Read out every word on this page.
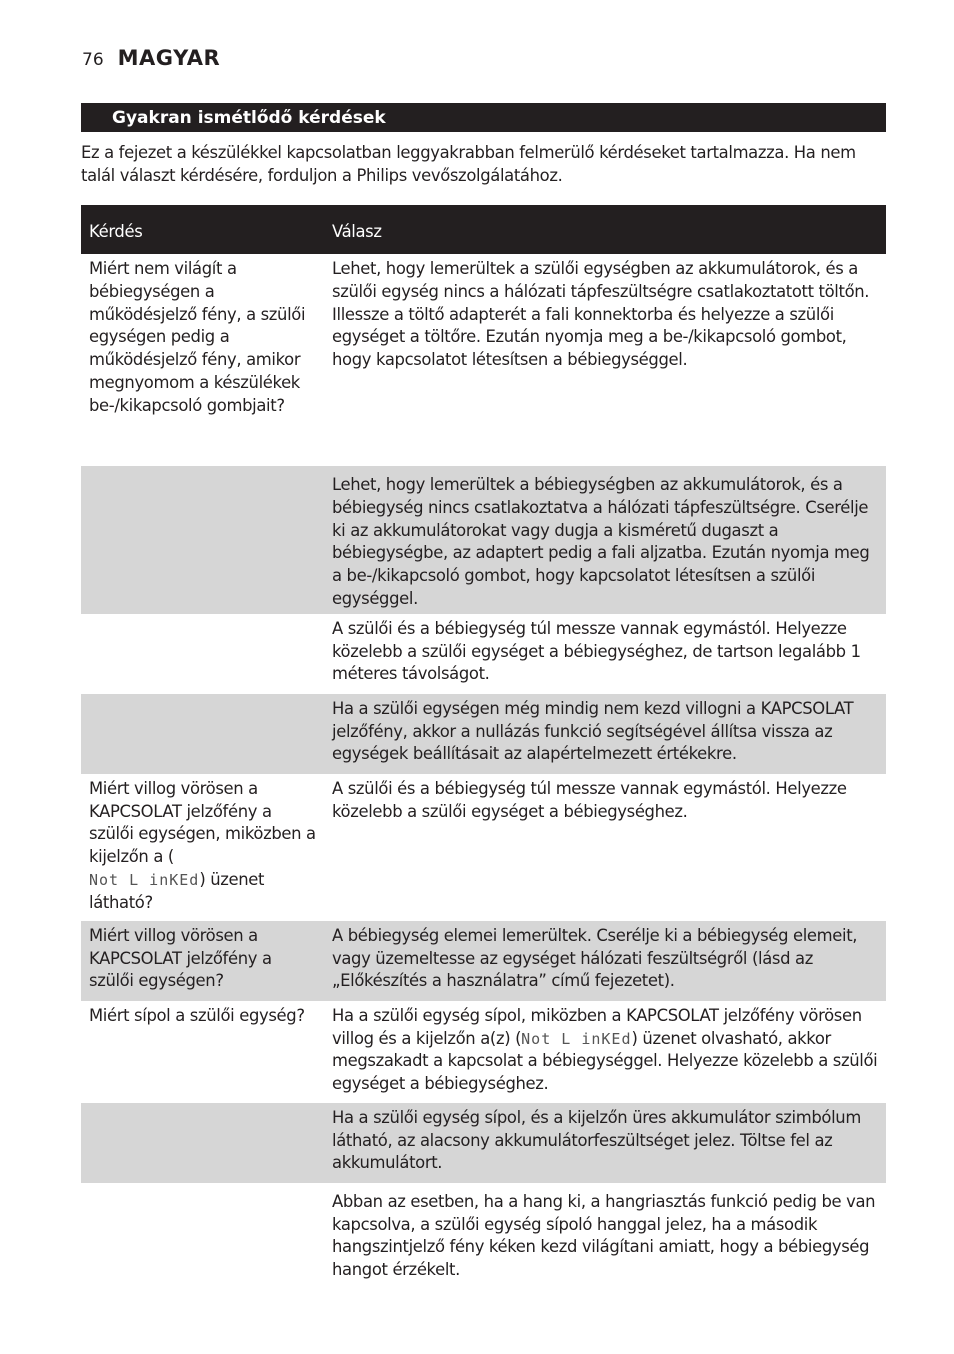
76 MAGYAR
Gyakran ismétlődő kérdések

Ez a fejezet a készülékkel kapcsolatban leggyakrabban felmerülő kérdéseket tartalmazza. Ha nem talál választ kérdésére, forduljon a Philips vevőszolgálatához.

Kérdés	Válasz
Miért nem világít a bébiegységen a működésjelző fény, a szülői egységen pedig a működésjelző fény, amikor megnyomom a készülékek be-/kikapcsoló gombjait?	Lehet, hogy lemerültek a szülői egységben az akkumulátorok, és a szülői egység nincs a hálózati tápfeszültségre csatlakoztatott töltőn. Illessze a töltő adapterét a fali konnektorba és helyezze a szülői egységet a töltőre. Ezután nyomja meg a be-/kikapcsoló gombot, hogy kapcsolatot létesítsen a bébiegységgel.
	Lehet, hogy lemerültek a bébiegységben az akkumulátorok, és a bébiegység nincs csatlakoztatva a hálózati tápfeszültségre. Cserélje ki az akkumulátorokat vagy dugja a kisméretű dugaszt a bébiegységbe, az adaptert pedig a fali aljzatba. Ezután nyomja meg a be-/kikapcsoló gombot, hogy kapcsolatot létesítsen a szülői egységgel.
	A szülői és a bébiegység túl messze vannak egymástól. Helyezze közelebb a szülői egységet a bébiegységhez, de tartson legalább 1 méteres távolságot.
	Ha a szülői egységen még mindig nem kezd villogni a KAPCSOLAT jelzőfény, akkor a nullázás funkció segítségével állítsa vissza az egységek beállításait az alapértelmezett értékekre.
Miért villog vörösen a KAPCSOLAT jelzőfény a szülői egységen, miközben a kijelzőn a (
Not L inKEd) üzenet látható?	A szülői és a bébiegység túl messze vannak egymástól. Helyezze közelebb a szülői egységet a bébiegységhez.
Miért villog vörösen a KAPCSOLAT jelzőfény a szülői egységen?	A bébiegység elemei lemerültek. Cserélje ki a bébiegység elemeit, vagy üzemeltesse az egységet hálózati feszültségről (lásd az „Előkészítés a használatra” című fejezetet).
Miért sípol a szülői egység?	Ha a szülői egység sípol, miközben a KAPCSOLAT jelzőfény vörösen villog és a kijelzőn a(z) (Not L inKEd) üzenet olvasható, akkor megszakadt a kapcsolat a bébiegységgel. Helyezze közelebb a szülői egységet a bébiegységhez.
	Ha a szülői egység sípol, és a kijelzőn üres akkumulátor szimbólum látható, az alacsony akkumulátorfeszültséget jelez. Töltse fel az akkumulátort.
	Abban az esetben, ha a hang ki, a hangriasztás funkció pedig be van kapcsolva, a szülői egység sípoló hanggal jelez, ha a második hangszintjelző fény kéken kezd világítani amiatt, hogy a bébiegység hangot érzékelt.
